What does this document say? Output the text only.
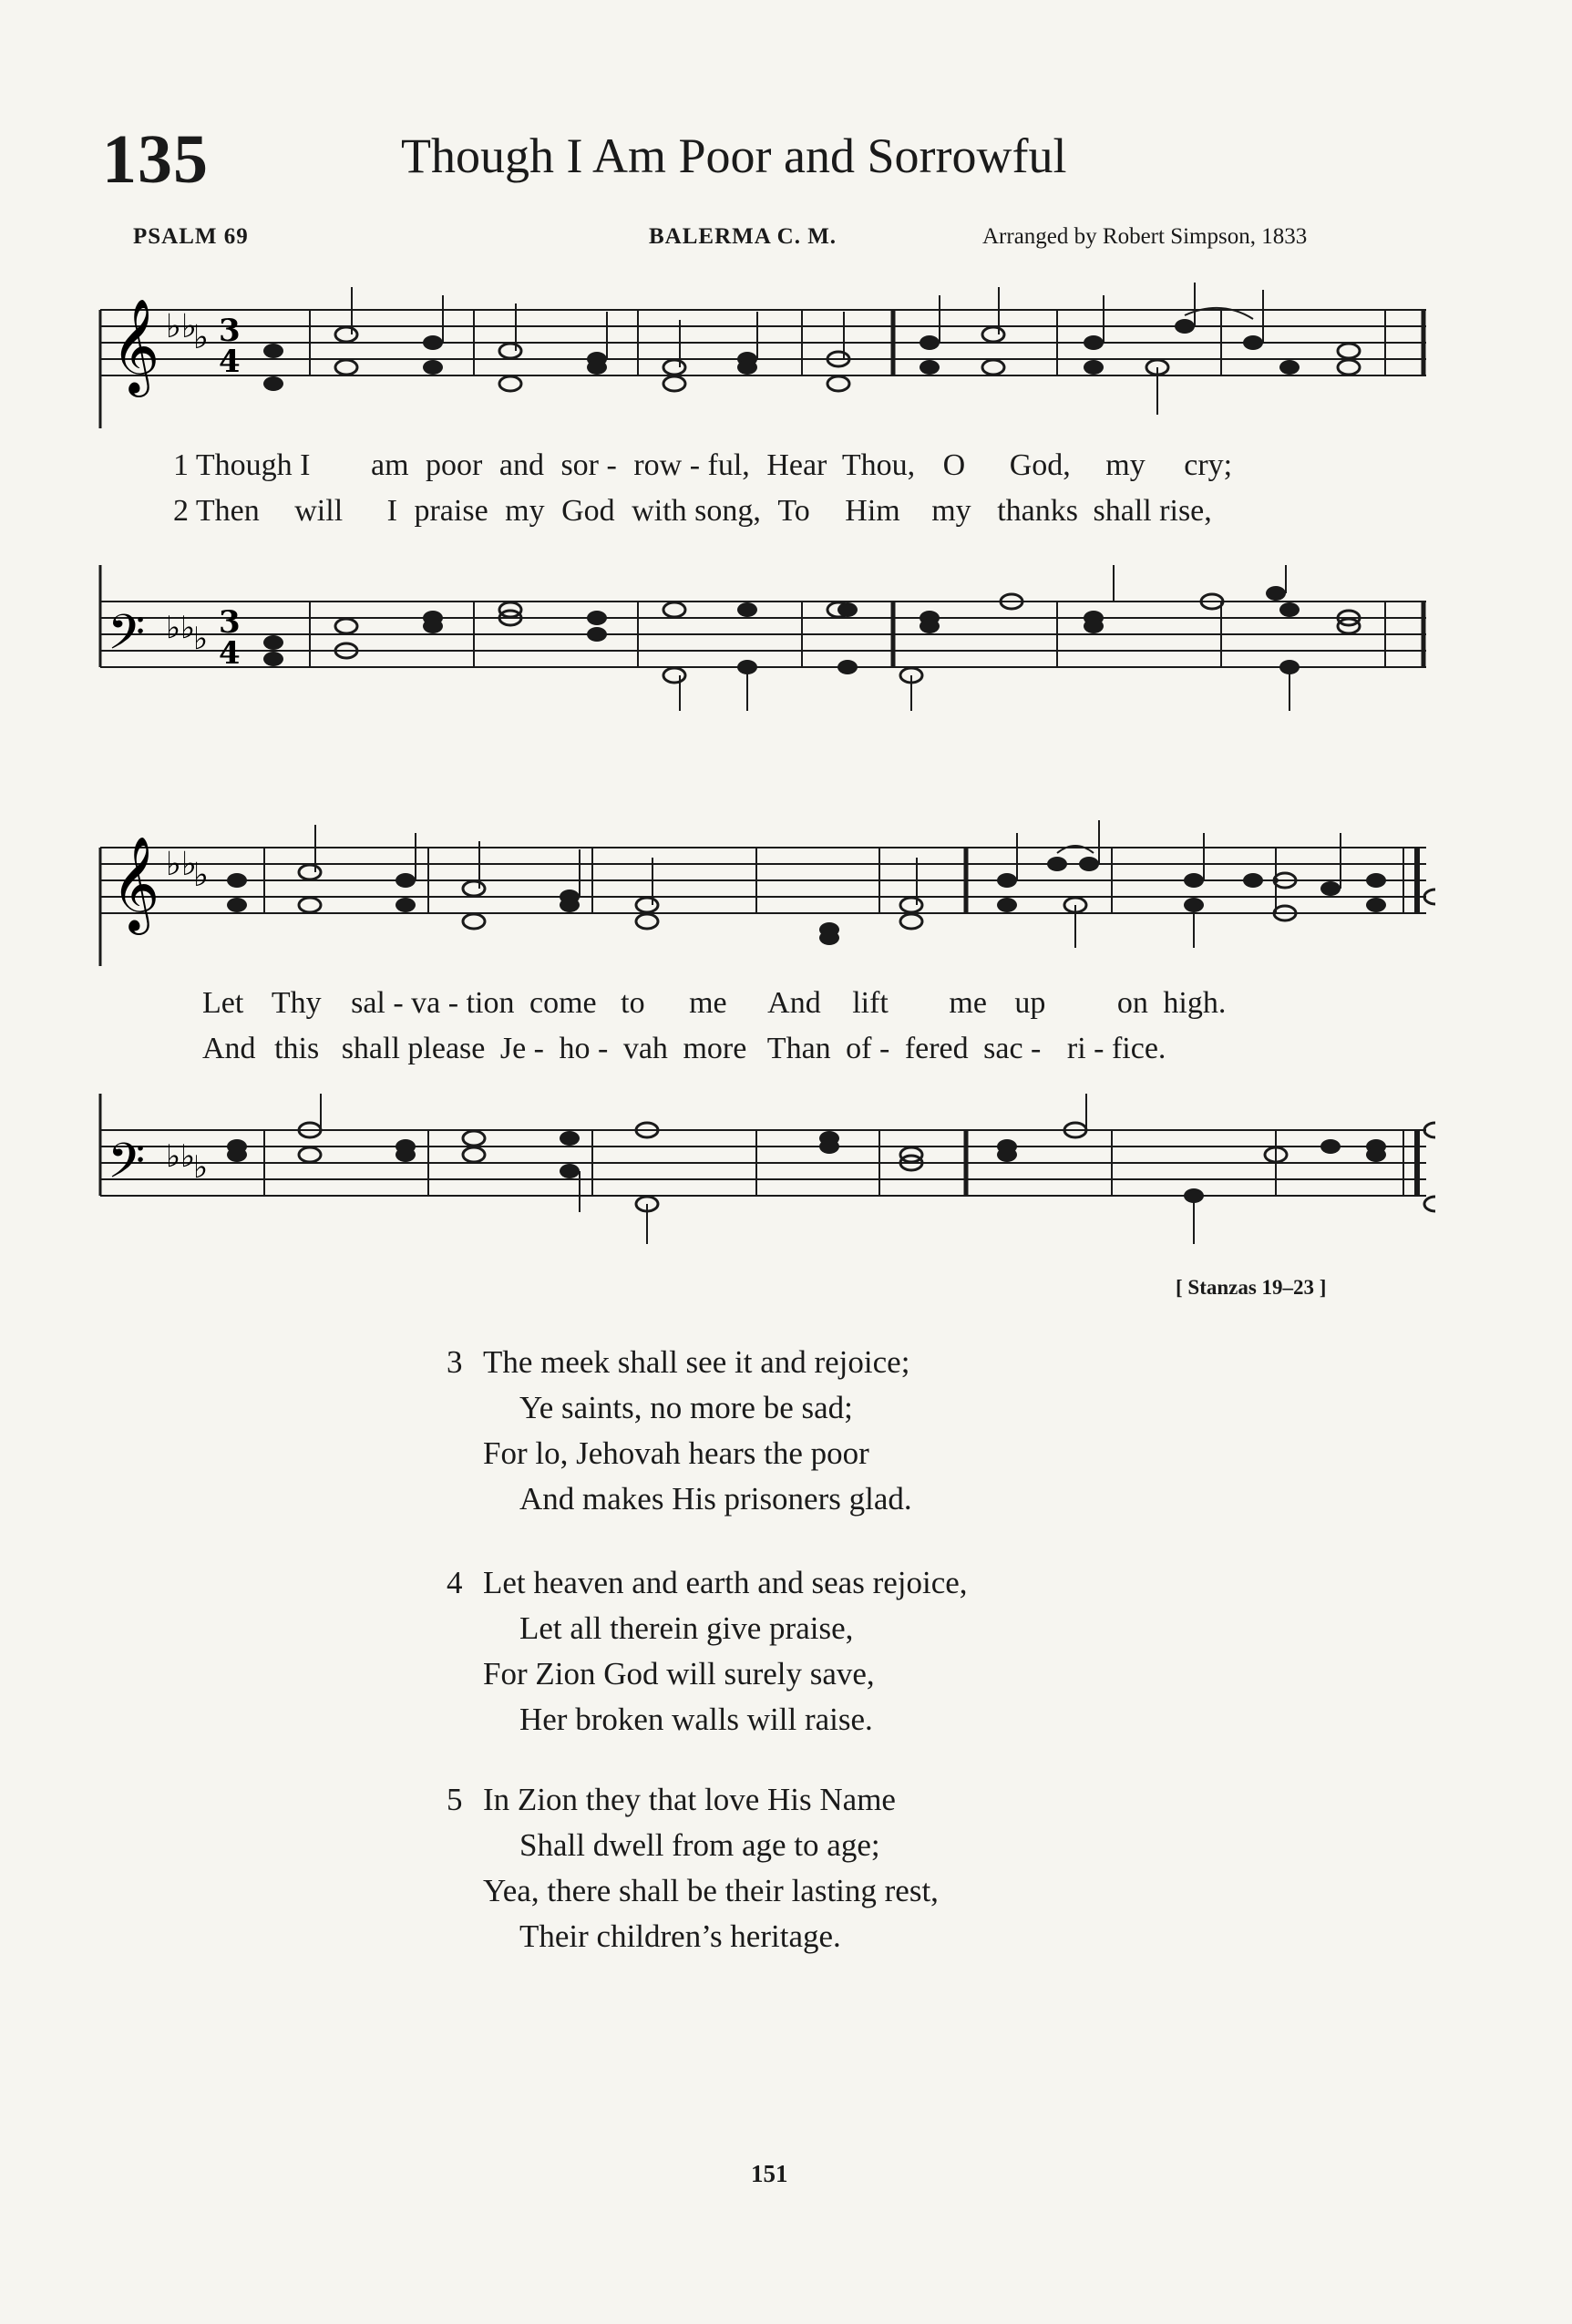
135	Though I Am Poor and Sorrowful
PSALM 69	BALERMA C. M.	Arranged by Robert Simpson, 1833
𝄞 ♭♭
♭ 3
4
1 Though I am poor and sor - row - ful, Hear Thou, O God, my cry;
2 Then will I praise my God with song, To Him my thanks shall rise,
𝄢 ♭♭
♭ 3
4
𝄞 ♭♭
♭
Let Thy sal - va - tion come to me And lift me up on high.
And this shall please Je - ho - vah more Than of - fered sac - ri - fice.
𝄢 ♭♭
♭
[ Stanzas 19–23 ]
3 The meek shall see it and rejoice;
Ye saints, no more be sad;
For lo, Jehovah hears the poor
And makes His prisoners glad.
4 Let heaven and earth and seas rejoice,
Let all therein give praise,
For Zion God will surely save,
Her broken walls will raise.
5 In Zion they that love His Name
Shall dwell from age to age;
Yea, there shall be their lasting rest,
Their children’s heritage.
151
